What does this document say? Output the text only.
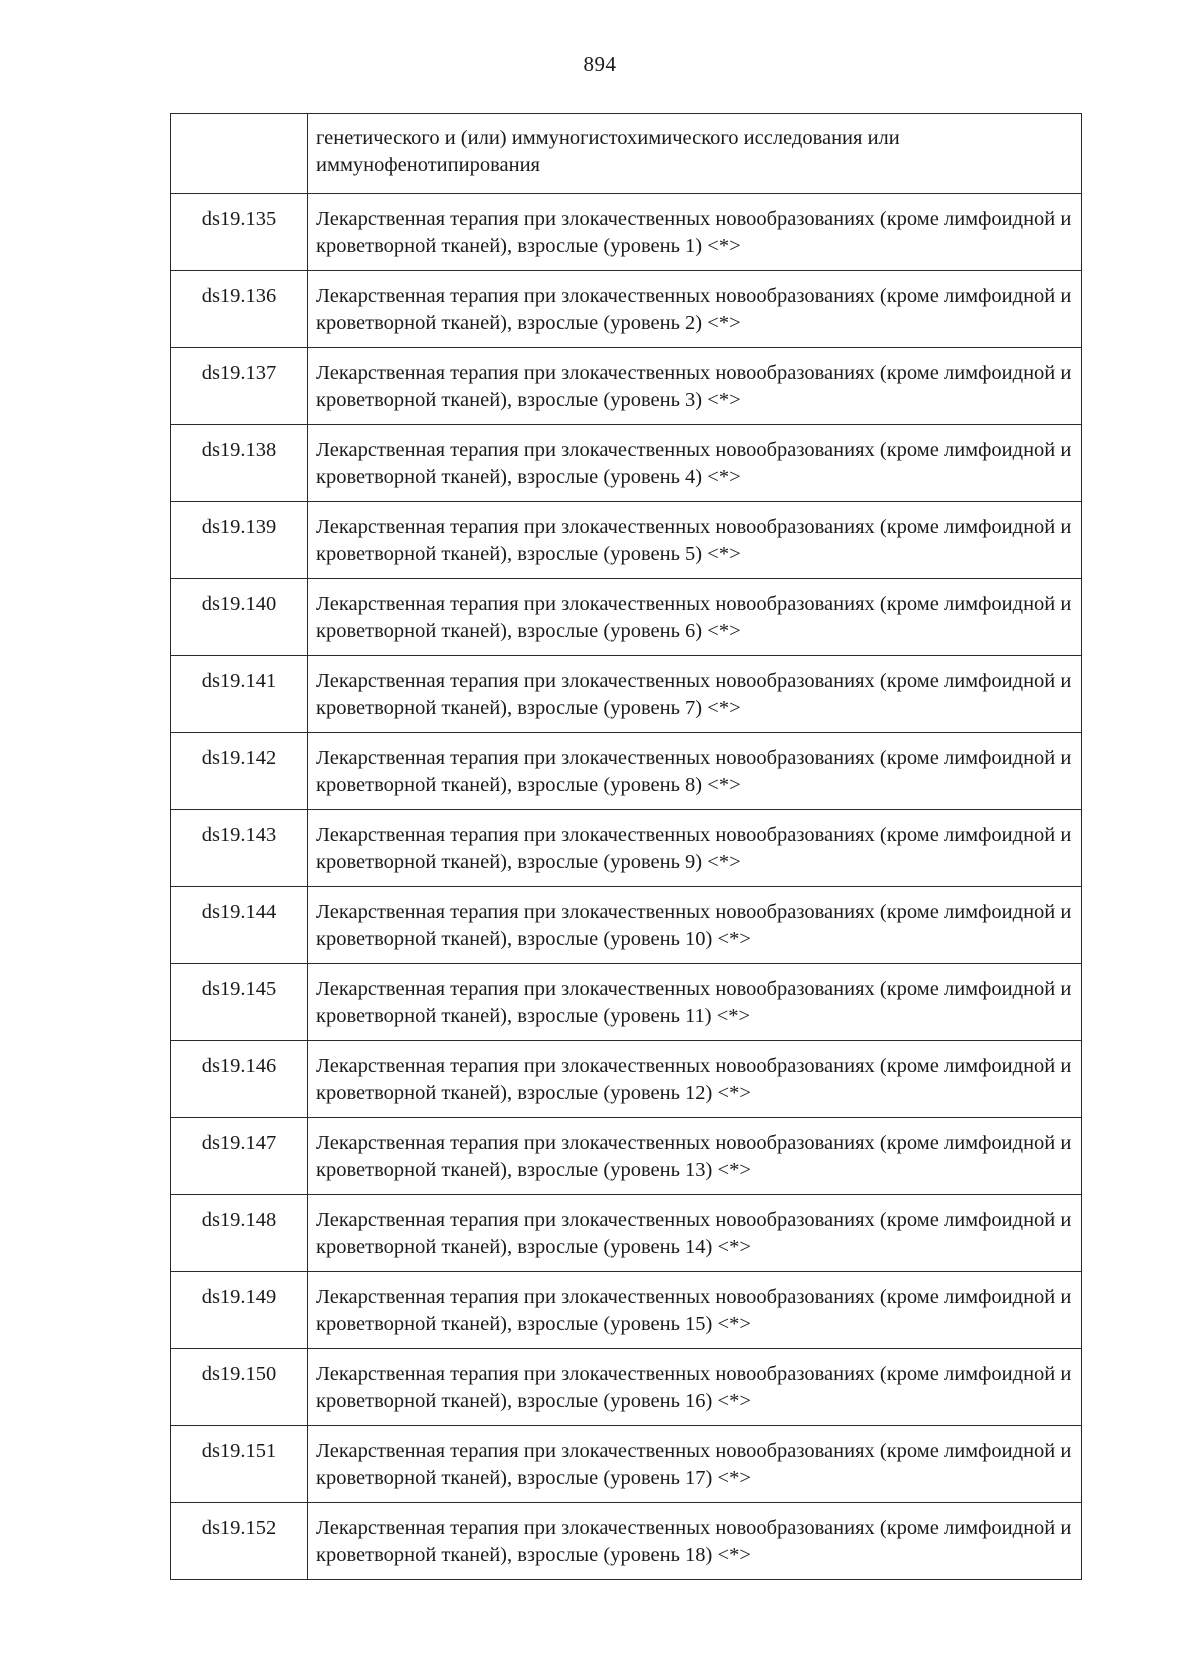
894
	генетического и (или) иммуногистохимического исследования или иммунофенотипирования
ds19.135	Лекарственная терапия при злокачественных новообразованиях (кроме лимфоидной и кроветворной тканей), взрослые (уровень 1) <*>
ds19.136	Лекарственная терапия при злокачественных новообразованиях (кроме лимфоидной и кроветворной тканей), взрослые (уровень 2) <*>
ds19.137	Лекарственная терапия при злокачественных новообразованиях (кроме лимфоидной и кроветворной тканей), взрослые (уровень 3) <*>
ds19.138	Лекарственная терапия при злокачественных новообразованиях (кроме лимфоидной и кроветворной тканей), взрослые (уровень 4) <*>
ds19.139	Лекарственная терапия при злокачественных новообразованиях (кроме лимфоидной и кроветворной тканей), взрослые (уровень 5) <*>
ds19.140	Лекарственная терапия при злокачественных новообразованиях (кроме лимфоидной и кроветворной тканей), взрослые (уровень 6) <*>
ds19.141	Лекарственная терапия при злокачественных новообразованиях (кроме лимфоидной и кроветворной тканей), взрослые (уровень 7) <*>
ds19.142	Лекарственная терапия при злокачественных новообразованиях (кроме лимфоидной и кроветворной тканей), взрослые (уровень 8) <*>
ds19.143	Лекарственная терапия при злокачественных новообразованиях (кроме лимфоидной и кроветворной тканей), взрослые (уровень 9) <*>
ds19.144	Лекарственная терапия при злокачественных новообразованиях (кроме лимфоидной и кроветворной тканей), взрослые (уровень 10) <*>
ds19.145	Лекарственная терапия при злокачественных новообразованиях (кроме лимфоидной и кроветворной тканей), взрослые (уровень 11) <*>
ds19.146	Лекарственная терапия при злокачественных новообразованиях (кроме лимфоидной и кроветворной тканей), взрослые (уровень 12) <*>
ds19.147	Лекарственная терапия при злокачественных новообразованиях (кроме лимфоидной и кроветворной тканей), взрослые (уровень 13) <*>
ds19.148	Лекарственная терапия при злокачественных новообразованиях (кроме лимфоидной и кроветворной тканей), взрослые (уровень 14) <*>
ds19.149	Лекарственная терапия при злокачественных новообразованиях (кроме лимфоидной и кроветворной тканей), взрослые (уровень 15) <*>
ds19.150	Лекарственная терапия при злокачественных новообразованиях (кроме лимфоидной и кроветворной тканей), взрослые (уровень 16) <*>
ds19.151	Лекарственная терапия при злокачественных новообразованиях (кроме лимфоидной и кроветворной тканей), взрослые (уровень 17) <*>
ds19.152	Лекарственная терапия при злокачественных новообразованиях (кроме лимфоидной и кроветворной тканей), взрослые (уровень 18) <*>
